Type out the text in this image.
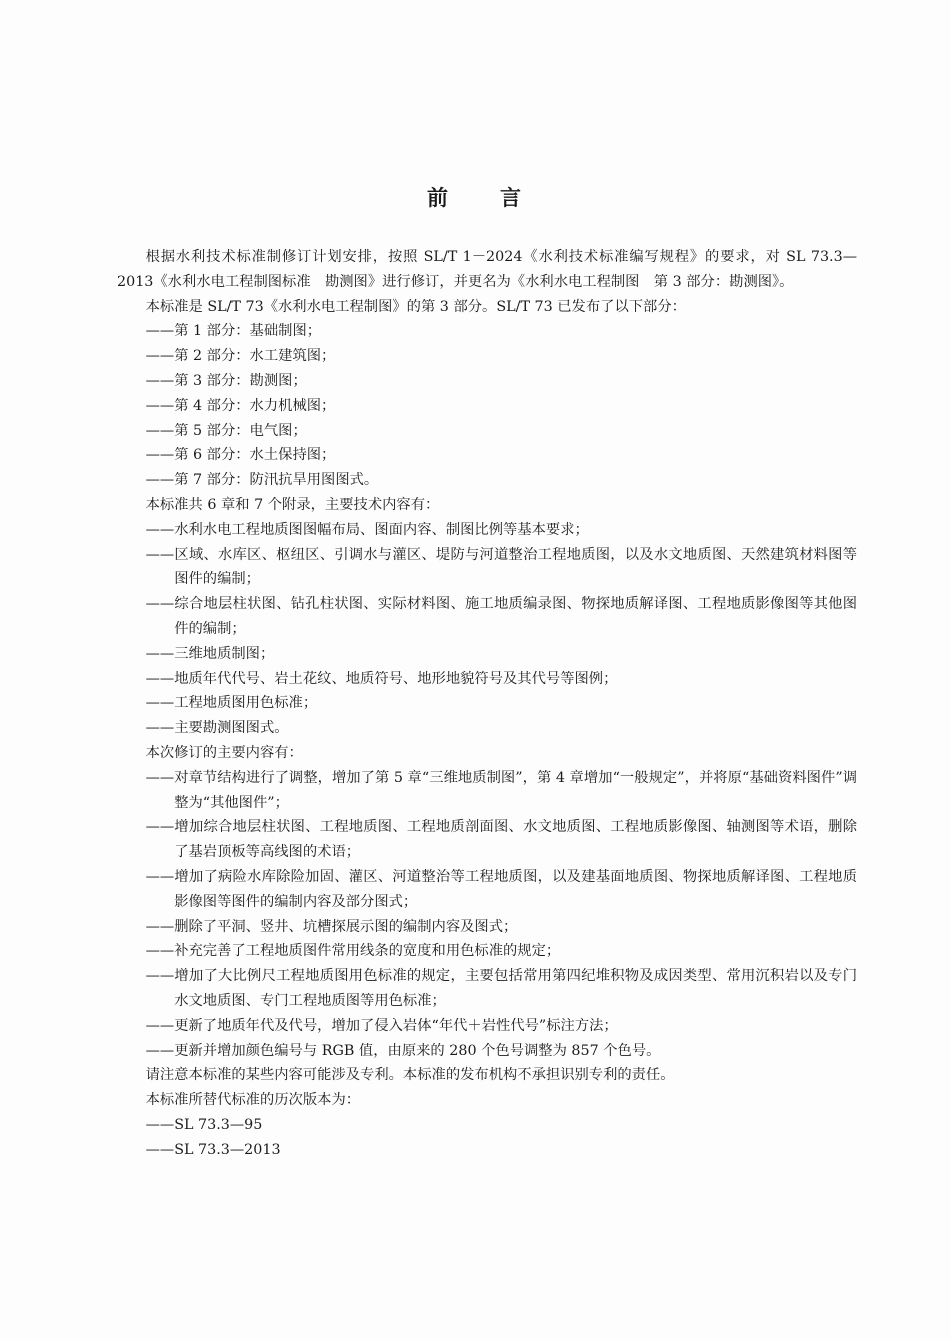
前 言

根据水利技术标准制修订计划安排，按照 SL/T 1－2024《水利技术标准编写规程》的要求，对 SL 73.3—2013《水利水电工程制图标准　勘测图》进行修订，并更名为《水利水电工程制图　第 3 部分：勘测图》。

本标准是 SL/T 73《水利水电工程制图》的第 3 部分。SL/T 73 已发布了以下部分：

——第 1 部分：基础制图；

——第 2 部分：水工建筑图；

——第 3 部分：勘测图；

——第 4 部分：水力机械图；

——第 5 部分：电气图；

——第 6 部分：水土保持图；

——第 7 部分：防汛抗旱用图图式。

本标准共 6 章和 7 个附录，主要技术内容有：

——水利水电工程地质图图幅布局、图面内容、制图比例等基本要求；

——区域、水库区、枢纽区、引调水与灌区、堤防与河道整治工程地质图，以及水文地质图、天然建筑材料图等图件的编制；

——综合地层柱状图、钻孔柱状图、实际材料图、施工地质编录图、物探地质解译图、工程地质影像图等其他图件的编制；

——三维地质制图；

——地质年代代号、岩土花纹、地质符号、地形地貌符号及其代号等图例；

——工程地质图用色标准；

——主要勘测图图式。

本次修订的主要内容有：

——对章节结构进行了调整，增加了第 5 章“三维地质制图”，第 4 章增加“一般规定”，并将原“基础资料图件”调整为“其他图件”；

——增加综合地层柱状图、工程地质图、工程地质剖面图、水文地质图、工程地质影像图、轴测图等术语，删除了基岩顶板等高线图的术语；

——增加了病险水库除险加固、灌区、河道整治等工程地质图，以及建基面地质图、物探地质解译图、工程地质影像图等图件的编制内容及部分图式；

——删除了平洞、竖井、坑槽探展示图的编制内容及图式；

——补充完善了工程地质图件常用线条的宽度和用色标准的规定；

——增加了大比例尺工程地质图用色标准的规定，主要包括常用第四纪堆积物及成因类型、常用沉积岩以及专门水文地质图、专门工程地质图等用色标准；

——更新了地质年代及代号，增加了侵入岩体“年代＋岩性代号”标注方法；

——更新并增加颜色编号与 RGB 值，由原来的 280 个色号调整为 857 个色号。

请注意本标准的某些内容可能涉及专利。本标准的发布机构不承担识别专利的责任。

本标准所替代标准的历次版本为：

——SL 73.3—95

——SL 73.3—2013
